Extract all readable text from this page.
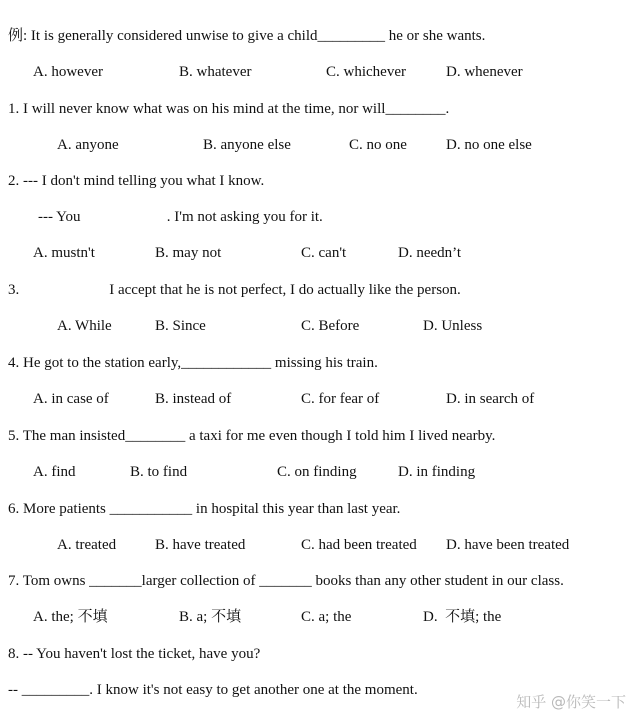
例: It is generally considered unwise to give a child_________ he or she wants.
A. however	B. whatever	C. whichever	D. whenever
1. I will never know what was on his mind at the time, nor will________.
A. anyone	B. anyone else	C. no one	D. no one else
2. --- I don't mind telling you what I know.
--- You                       . I'm not asking you for it.
A. mustn't	B. may not	C. can't	D. needn’t
3.                        I accept that he is not perfect, I do actually like the person.
A. While	B. Since	C. Before	D. Unless
4. He got to the station early,____________ missing his train.
A. in case of	B. instead of	C. for fear of	D. in search of
5. The man insisted________ a taxi for me even though I told him I lived nearby.
A. find	B. to find	C. on finding	D. in finding
6. More patients ___________ in hospital this year than last year.
A. treated	B. have treated	C. had been treated D. have been treated
7. Tom owns _______larger collection of _______ books than any other student in our class.
A. the; 不填	B. a; 不填	C. a; the	D.  不填; the
8. -- You haven't lost the ticket, have you?
-- _________. I know it's not easy to get another one at the moment.
知乎 @你笑一下
